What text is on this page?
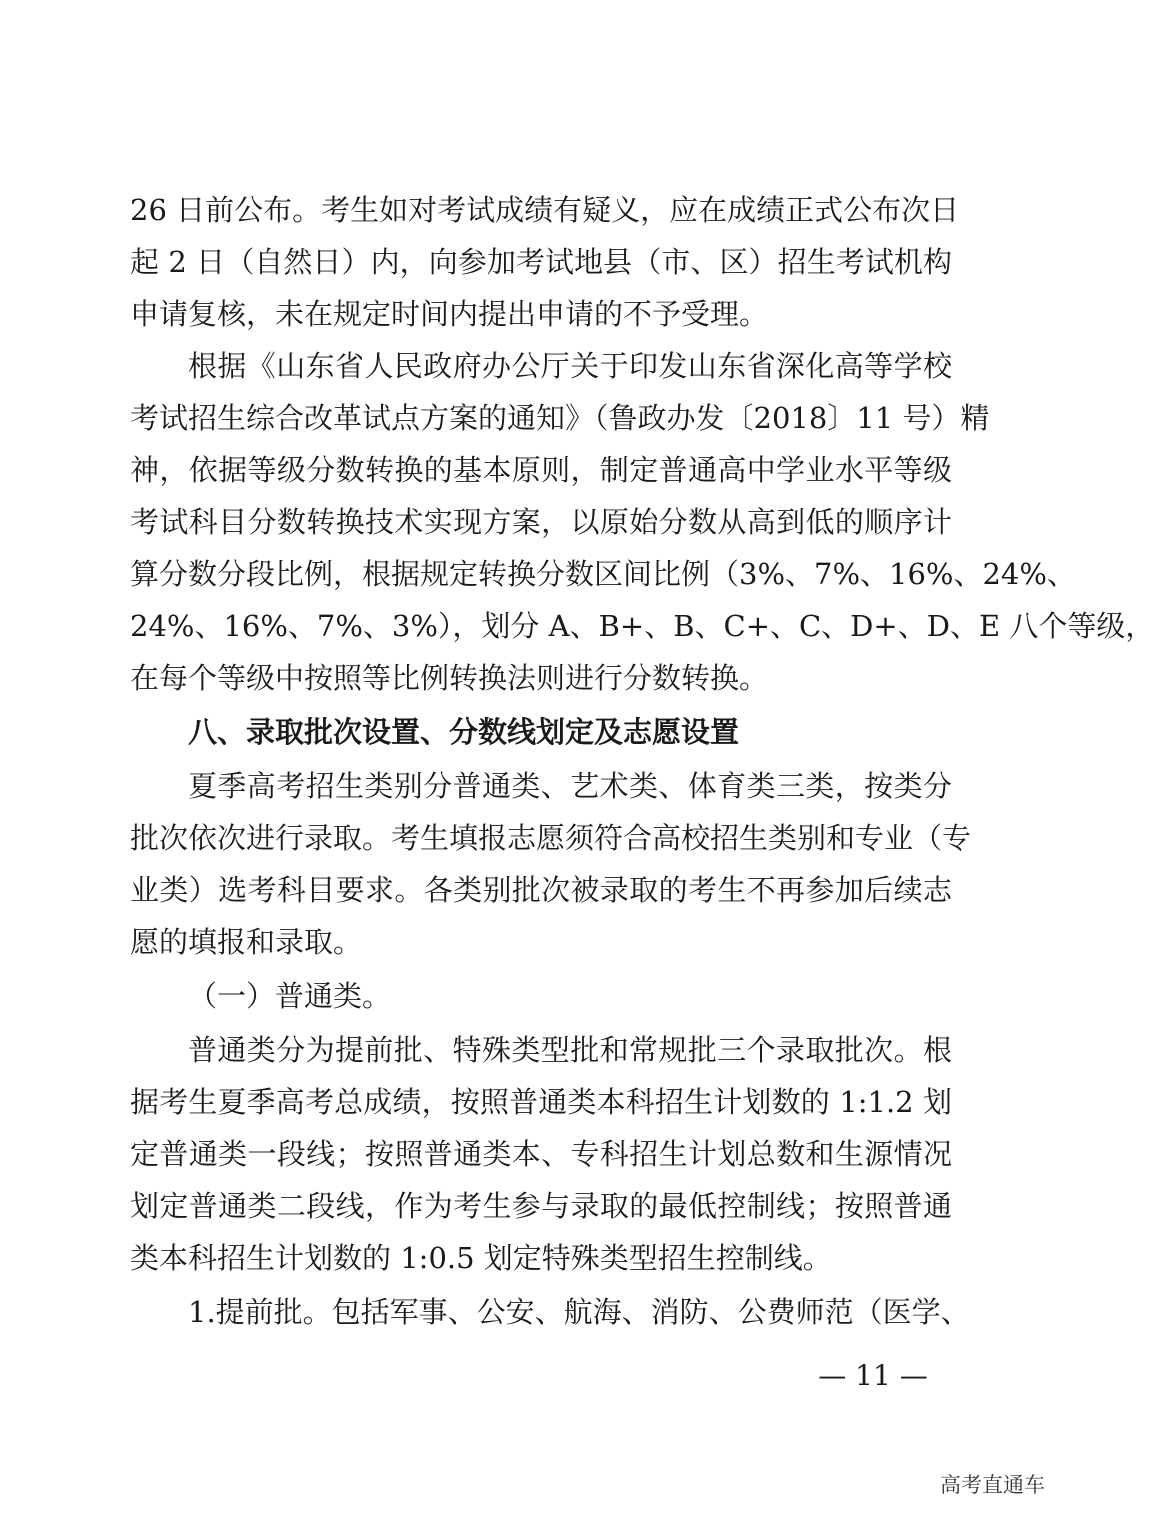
26 日前公布。考生如对考试成绩有疑义，应在成绩正式公布次日
起 2 日（自然日）内，向参加考试地县（市、区）招生考试机构
申请复核，未在规定时间内提出申请的不予受理。
根据《山东省人民政府办公厅关于印发山东省深化高等学校
考试招生综合改革试点方案的通知》（鲁政办发〔2018〕11 号）精
神，依据等级分数转换的基本原则，制定普通高中学业水平等级
考试科目分数转换技术实现方案，以原始分数从高到低的顺序计
算分数分段比例，根据规定转换分数区间比例（3%、7%、16%、24%、
24%、16%、7%、3%），划分 A、B+、B、C+、C、D+、D、E 八个等级，
在每个等级中按照等比例转换法则进行分数转换。
八、录取批次设置、分数线划定及志愿设置
夏季高考招生类别分普通类、艺术类、体育类三类，按类分
批次依次进行录取。考生填报志愿须符合高校招生类别和专业（专
业类）选考科目要求。各类别批次被录取的考生不再参加后续志
愿的填报和录取。
（一）普通类。
普通类分为提前批、特殊类型批和常规批三个录取批次。根
据考生夏季高考总成绩，按照普通类本科招生计划数的 1:1.2 划
定普通类一段线；按照普通类本、专科招生计划总数和生源情况
划定普通类二段线，作为考生参与录取的最低控制线；按照普通
类本科招生计划数的 1:0.5 划定特殊类型招生控制线。
1.提前批。包括军事、公安、航海、消防、公费师范（医学、
— 11 —
高考直通车
